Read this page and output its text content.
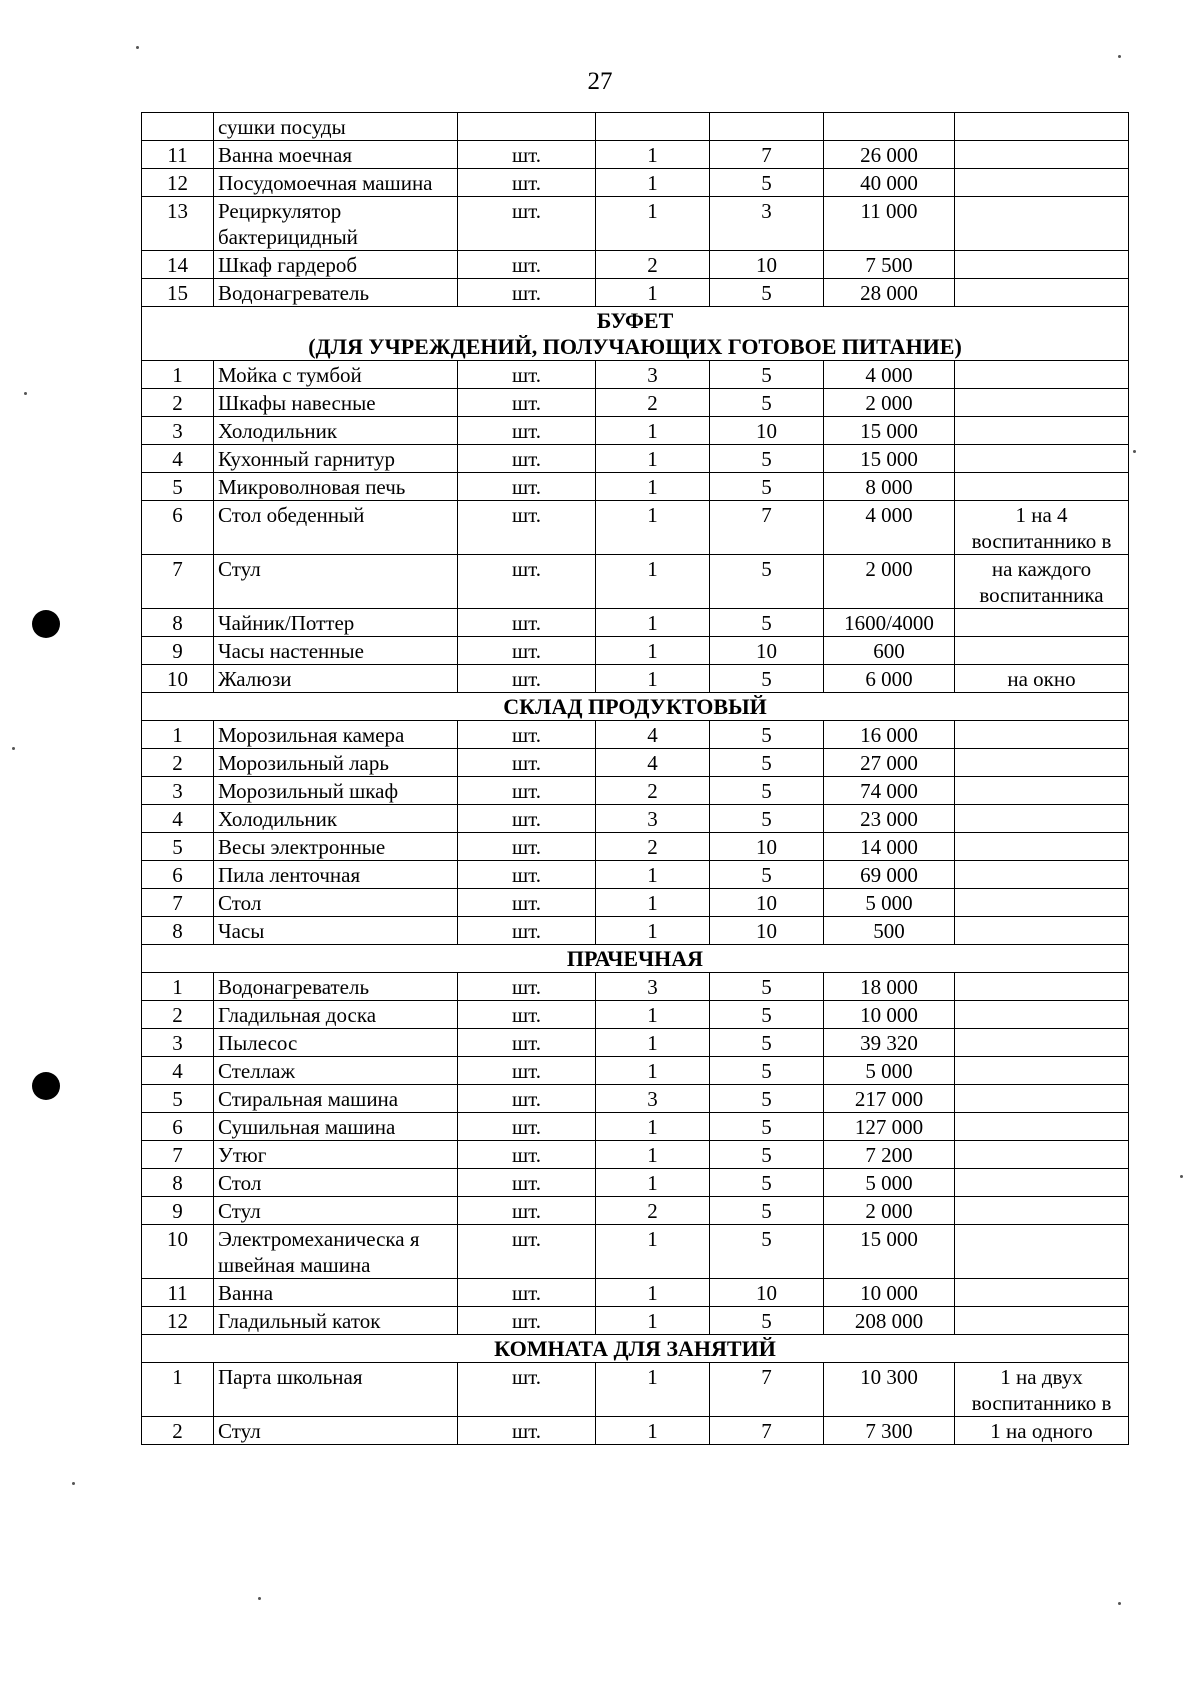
27
	сушки посуды					
11	Ванна моечная	шт.	1	7	26 000	
12	Посудомоечная машина	шт.	1	5	40 000	
13	Рециркулятор бактерицидный	шт.	1	3	11 000	
14	Шкаф гардероб	шт.	2	10	7 500	
15	Водонагреватель	шт.	1	5	28 000	

БУФЕТ
(ДЛЯ УЧРЕЖДЕНИЙ, ПОЛУЧАЮЩИХ ГОТОВОЕ ПИТАНИЕ)						

1	Мойка с тумбой	шт.	3	5	4 000	
2	Шкафы навесные	шт.	2	5	2 000	
3	Холодильник	шт.	1	10	15 000	
4	Кухонный гарнитур	шт.	1	5	15 000	
5	Микроволновая печь	шт.	1	5	8 000	
6	Стол обеденный	шт.	1	7	4 000	1 на 4 воспитаннико в
7	Стул	шт.	1	5	2 000	на каждого воспитанника
8	Чайник/Поттер	шт.	1	5	1600/4000	
9	Часы настенные	шт.	1	10	600	
10	Жалюзи	шт.	1	5	6 000	на окно

СКЛАД ПРОДУКТОВЫЙ						

1	Морозильная камера	шт.	4	5	16 000	
2	Морозильный ларь	шт.	4	5	27 000	
3	Морозильный шкаф	шт.	2	5	74 000	
4	Холодильник	шт.	3	5	23 000	
5	Весы электронные	шт.	2	10	14 000	
6	Пила ленточная	шт.	1	5	69 000	
7	Стол	шт.	1	10	5 000	
8	Часы	шт.	1	10	500	

ПРАЧЕЧНАЯ						

1	Водонагреватель	шт.	3	5	18 000	
2	Гладильная доска	шт.	1	5	10 000	
3	Пылесос	шт.	1	5	39 320	
4	Стеллаж	шт.	1	5	5 000	
5	Стиральная машина	шт.	3	5	217 000	
6	Сушильная машина	шт.	1	5	127 000	
7	Утюг	шт.	1	5	7 200	
8	Стол	шт.	1	5	5 000	
9	Стул	шт.	2	5	2 000	
10	Электромеханическа я швейная машина	шт.	1	5	15 000	
11	Ванна	шт.	1	10	10 000	
12	Гладильный каток	шт.	1	5	208 000	

КОМНАТА ДЛЯ ЗАНЯТИЙ						

1	Парта школьная	шт.	1	7	10 300	1 на двух воспитаннико в
2	Стул	шт.	1	7	7 300	1 на одного
